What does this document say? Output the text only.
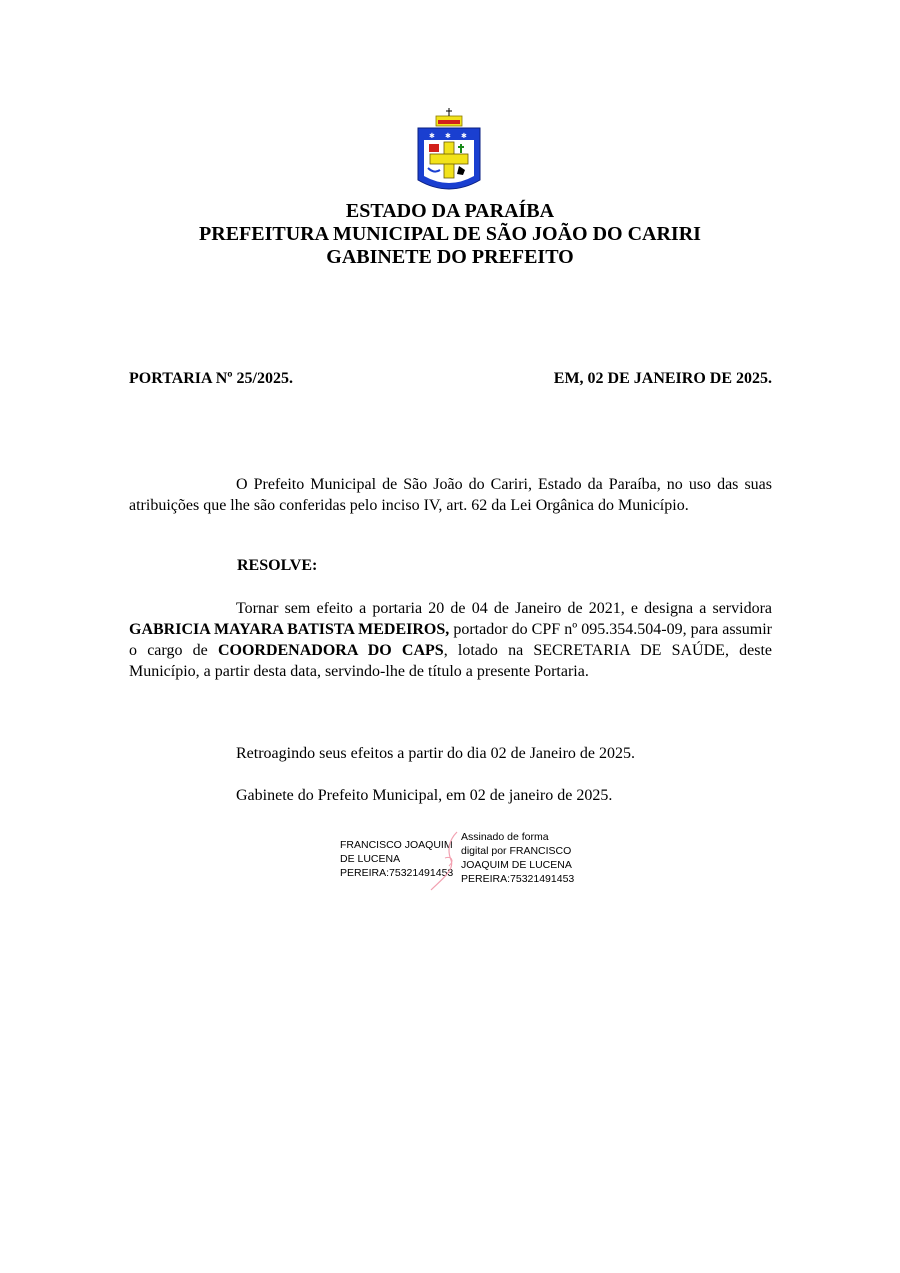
✱ ✱ ✱
ESTADO DA PARAÍBA
PREFEITURA MUNICIPAL DE SÃO JOÃO DO CARIRI
GABINETE DO PREFEITO
PORTARIA Nº 25/2025.	EM, 02 DE JANEIRO DE 2025.
O Prefeito Municipal de São João do Cariri, Estado da Paraíba, no uso das suas atribuições que lhe são conferidas pelo inciso IV, art. 62 da Lei Orgânica do Município.
RESOLVE:
Tornar sem efeito a portaria 20 de 04 de Janeiro de 2021, e designa a servidora GABRICIA MAYARA BATISTA MEDEIROS, portador do CPF nº 095.354.504-09, para assumir o cargo de COORDENADORA DO CAPS, lotado na SECRETARIA DE SAÚDE, deste Município, a partir desta data, servindo-lhe de título a presente Portaria.
Retroagindo seus efeitos a partir do dia 02 de Janeiro de 2025.
Gabinete do Prefeito Municipal, em 02 de janeiro de 2025.
FRANCISCO JOAQUIM
DE LUCENA
PEREIRA:75321491453
Assinado de forma
digital por FRANCISCO
JOAQUIM DE LUCENA
PEREIRA:75321491453
